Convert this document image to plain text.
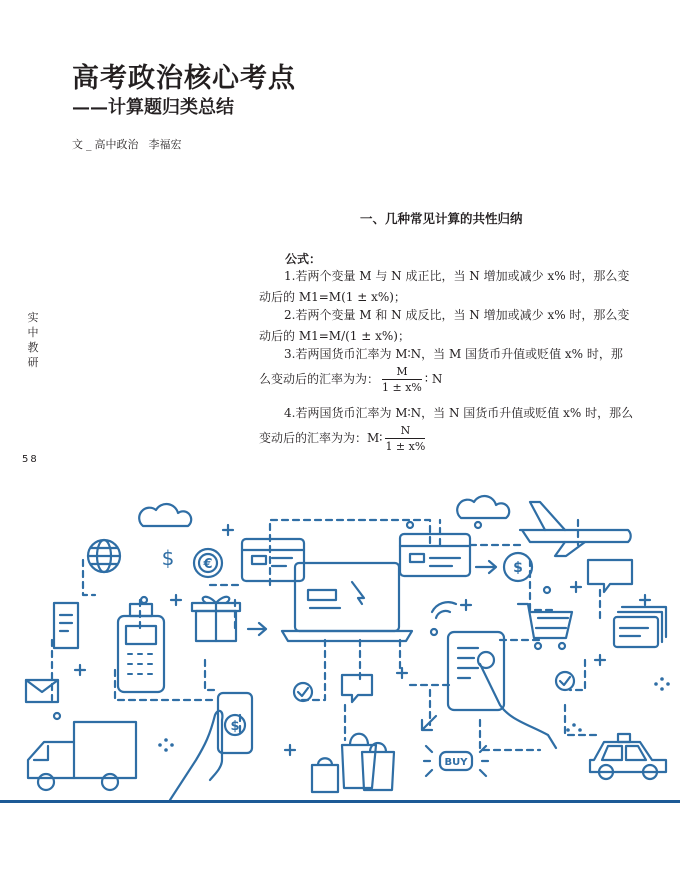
高考政治核心考点
——计算题归类总结
文 _ 高中政治 李福宏
实
中
教
研
58
一、几种常见计算的共性归纳
公式：
1.若两个变量 M 与 N 成正比，当 N 增加或减少 x% 时，那么变动后的 M1=M(1 ± x%)；
2.若两个变量 M 和 N 成反比，当 N 增加或减少 x% 时，那么变动后的 M1=M/(1 ± x%)；
3.若两国货币汇率为 M∶N，当 M 国货币升值或贬值 x% 时，那么变动后的汇率为为： $\frac{M}{1 \pm x\%}$ ∶ N
4.若两国货币汇率为 M∶N，当 N 国货币升值或贬值 x% 时，那么变动后的汇率为为：M∶ $\frac{N}{1 \pm x\%}$
€	$
$
$
BUY
